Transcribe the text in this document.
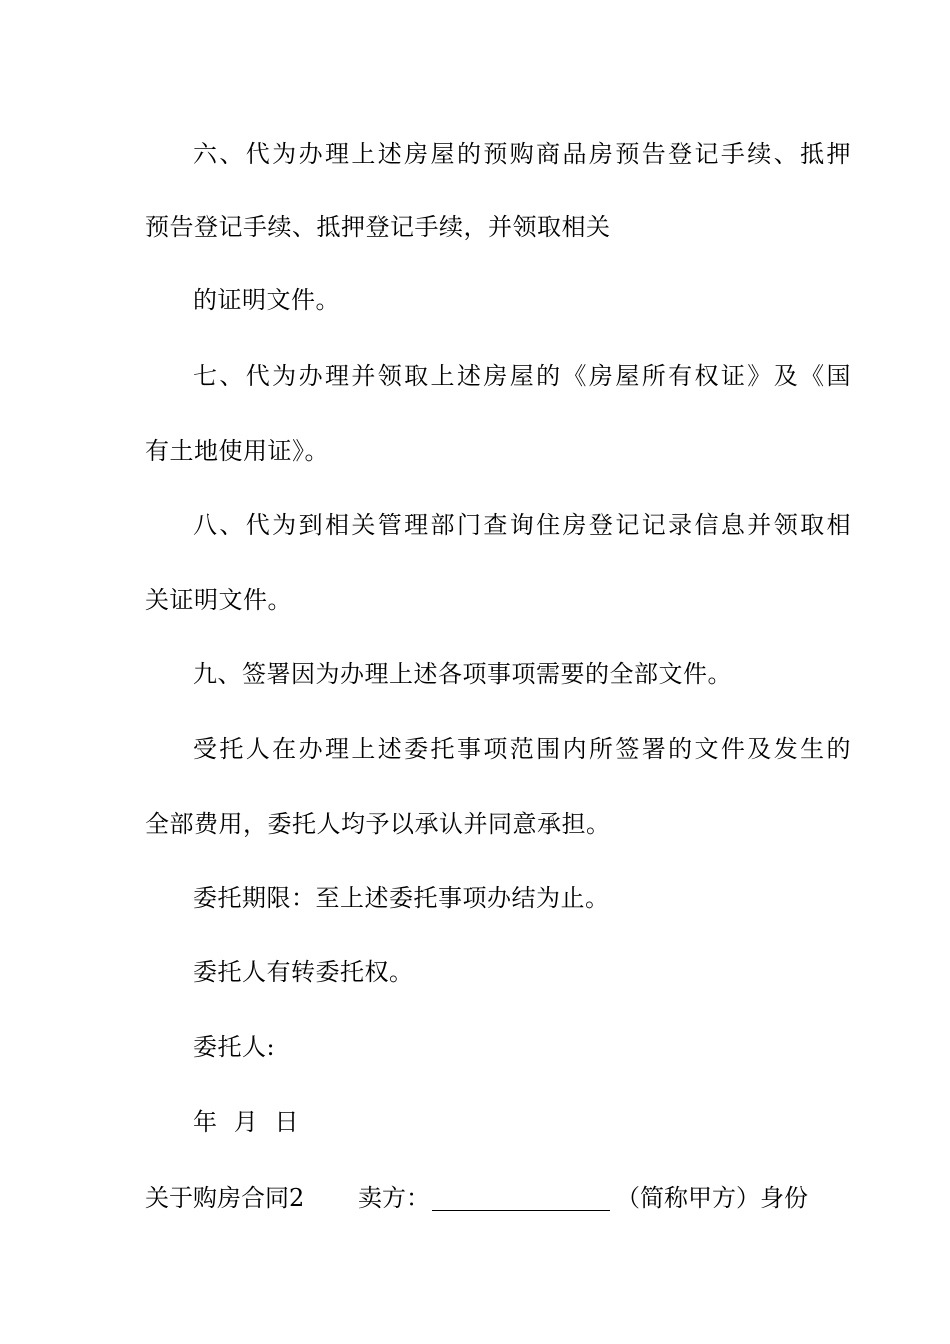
六、代为办理上述房屋的预购商品房预告登记手续、抵押
预告登记手续、抵押登记手续，并领取相关
的证明文件。
七、代为办理并领取上述房屋的《房屋所有权证》及《国
有土地使用证》。
八、代为到相关管理部门查询住房登记记录信息并领取相
关证明文件。
九、签署因为办理上述各项事项需要的全部文件。
受托人在办理上述委托事项范围内所签署的文件及发生的
全部费用，委托人均予以承认并同意承担。
委托期限：至上述委托事项办结为止。
委托人有转委托权。
委托人:
年  月  日
关于购房合同2 卖方：	（简称甲方）身份
